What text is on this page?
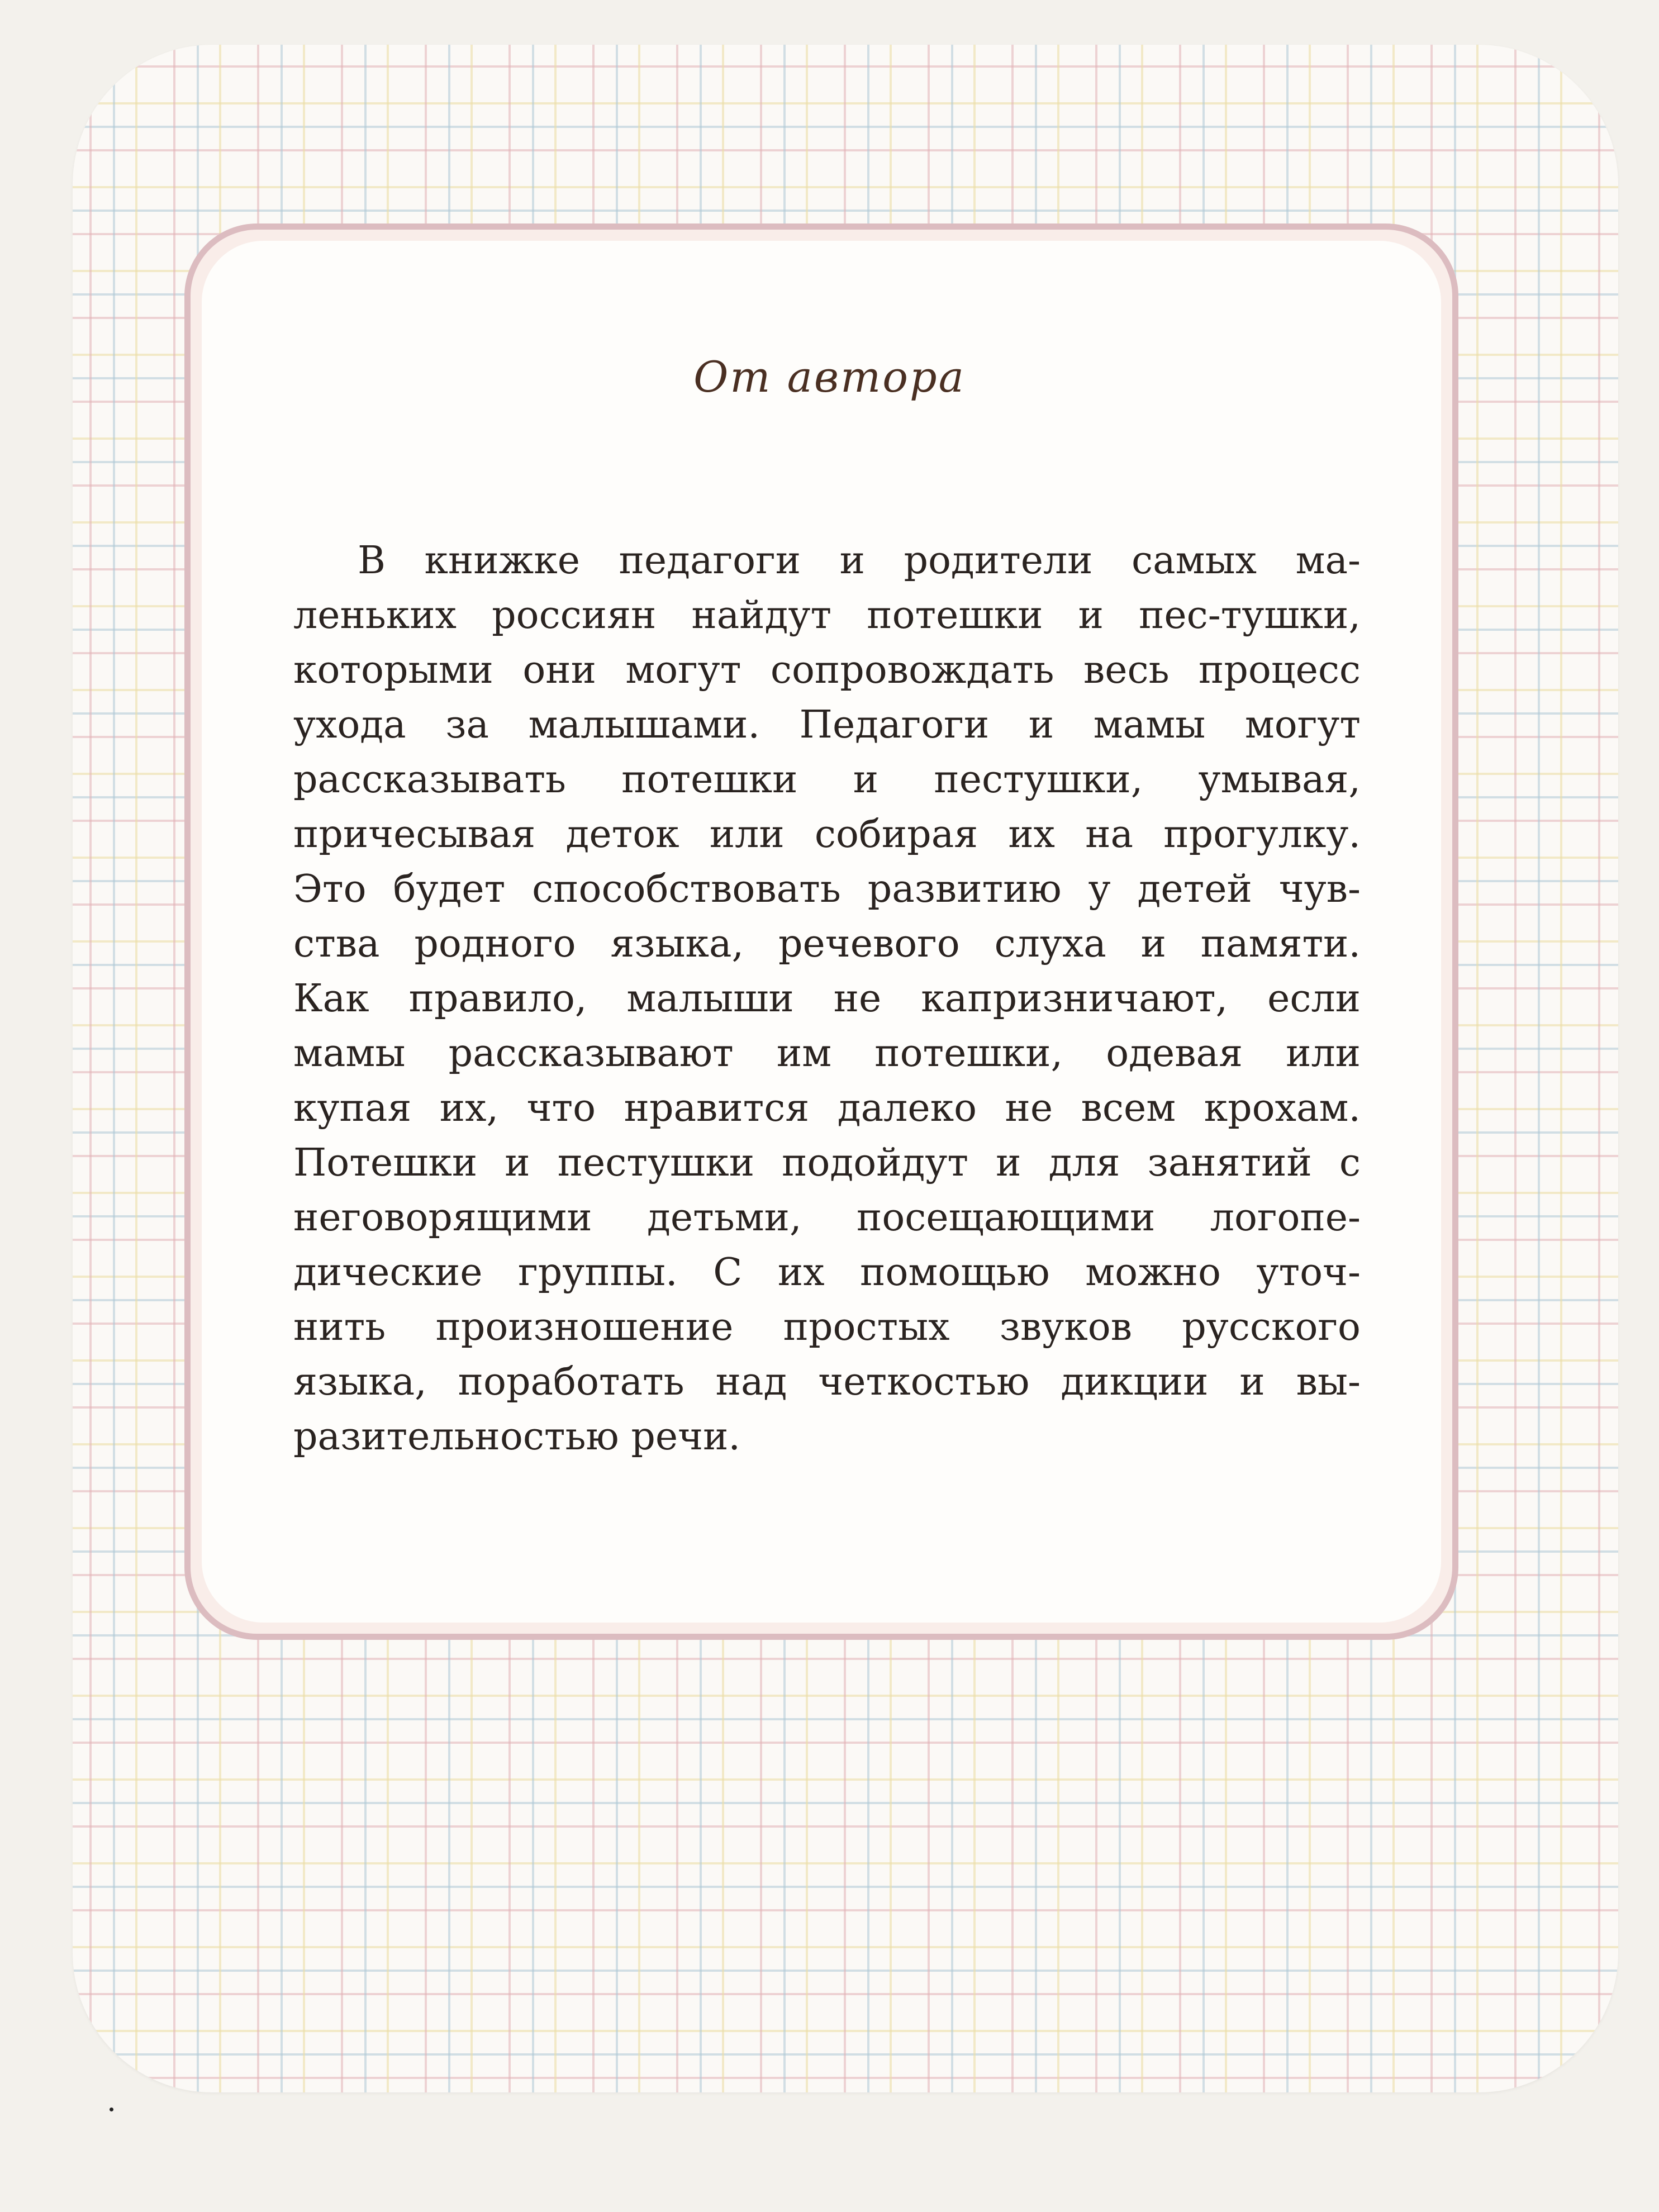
От автора
В книжке педагоги и родители самых ма-
леньких россиян найдут потешки и пес-тушки,
которыми они могут сопровождать весь процесс
ухода за малышами. Педагоги и мамы могут
рассказывать потешки и пестушки, умывая,
причесывая деток или собирая их на прогулку.
Это будет способствовать развитию у детей чув-
ства родного языка, речевого слуха и памяти.
Как правило, малыши не капризничают, если
мамы рассказывают им потешки, одевая или
купая их, что нравится далеко не всем крохам.
Потешки и пестушки подойдут и для занятий с
неговорящими детьми, посещающими логопе-
дические группы. С их помощью можно уточ-
нить произношение простых звуков русского
языка, поработать над четкостью дикции и вы-
разительностью речи.
